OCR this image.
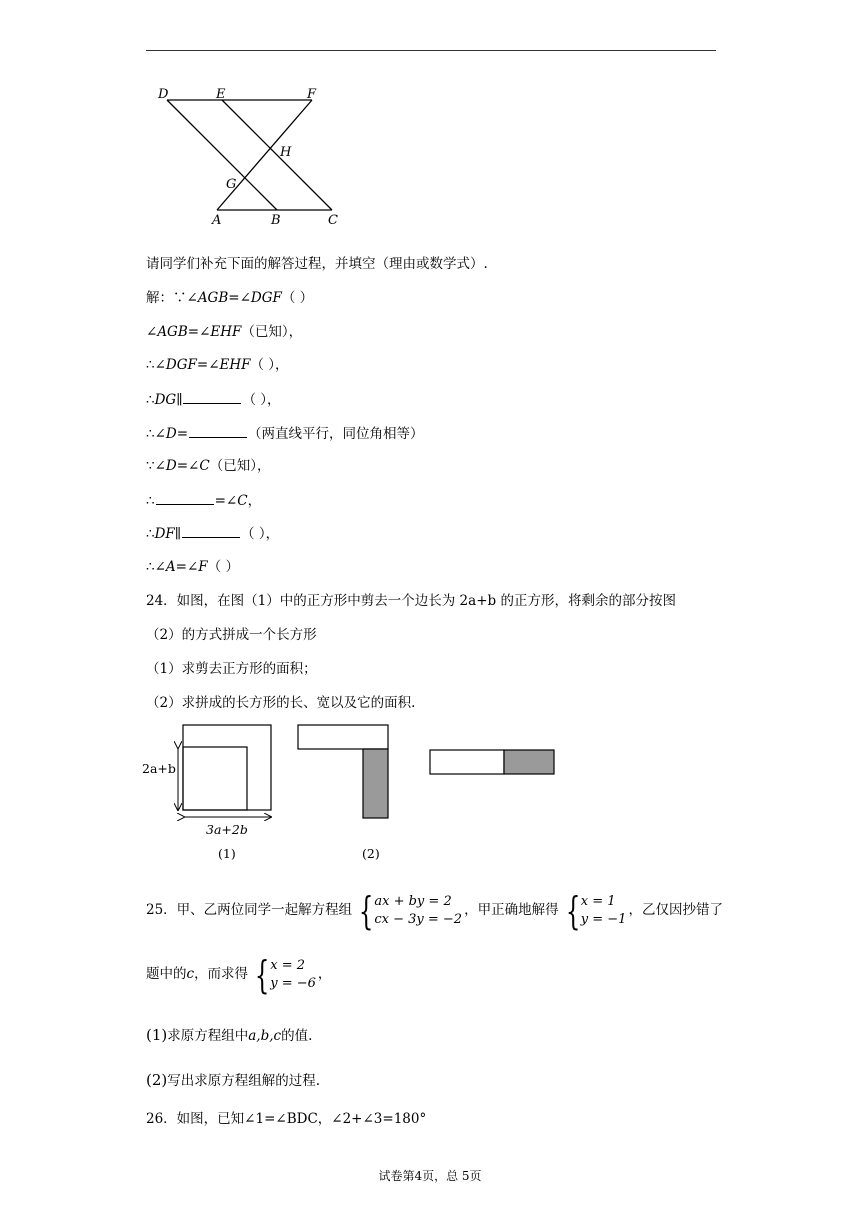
D	E	F
H
G
A	B	C
请同学们补充下面的解答过程，并填空（理由或数学式）.
解：∵∠AGB=∠DGF（ ）
∠AGB=∠EHF（已知），
∴∠DGF=∠EHF（ ），
∴DG∥	（ ），
∴∠D=	（两直线平行，同位角相等）
∵∠D=∠C（已知），
∴	=∠C，
∴DF∥	（ ），
∴∠A=∠F（ ）
24．如图，在图（1）中的正方形中剪去一个边长为 2a+b 的正方形，将剩余的部分按图
（2）的方式拼成一个长方形
（1）求剪去正方形的面积；
（2）求拼成的长方形的长、宽以及它的面积.
2a+b
3a+2b
(1)	(2)
25．甲、乙两位同学一起解方程组 { ax + by = 2
cx − 3y = −2
，甲正确地解得 { x = 1
y = −1
，乙仅因抄错了
题中的c，而求得 { x = 2
y = −6
，
(1)求原方程组中a,b,c的值.
(2)写出求原方程组解的过程.
26．如图，已知∠1=∠BDC，∠2+∠3=180°
试卷第4页，总 5页
